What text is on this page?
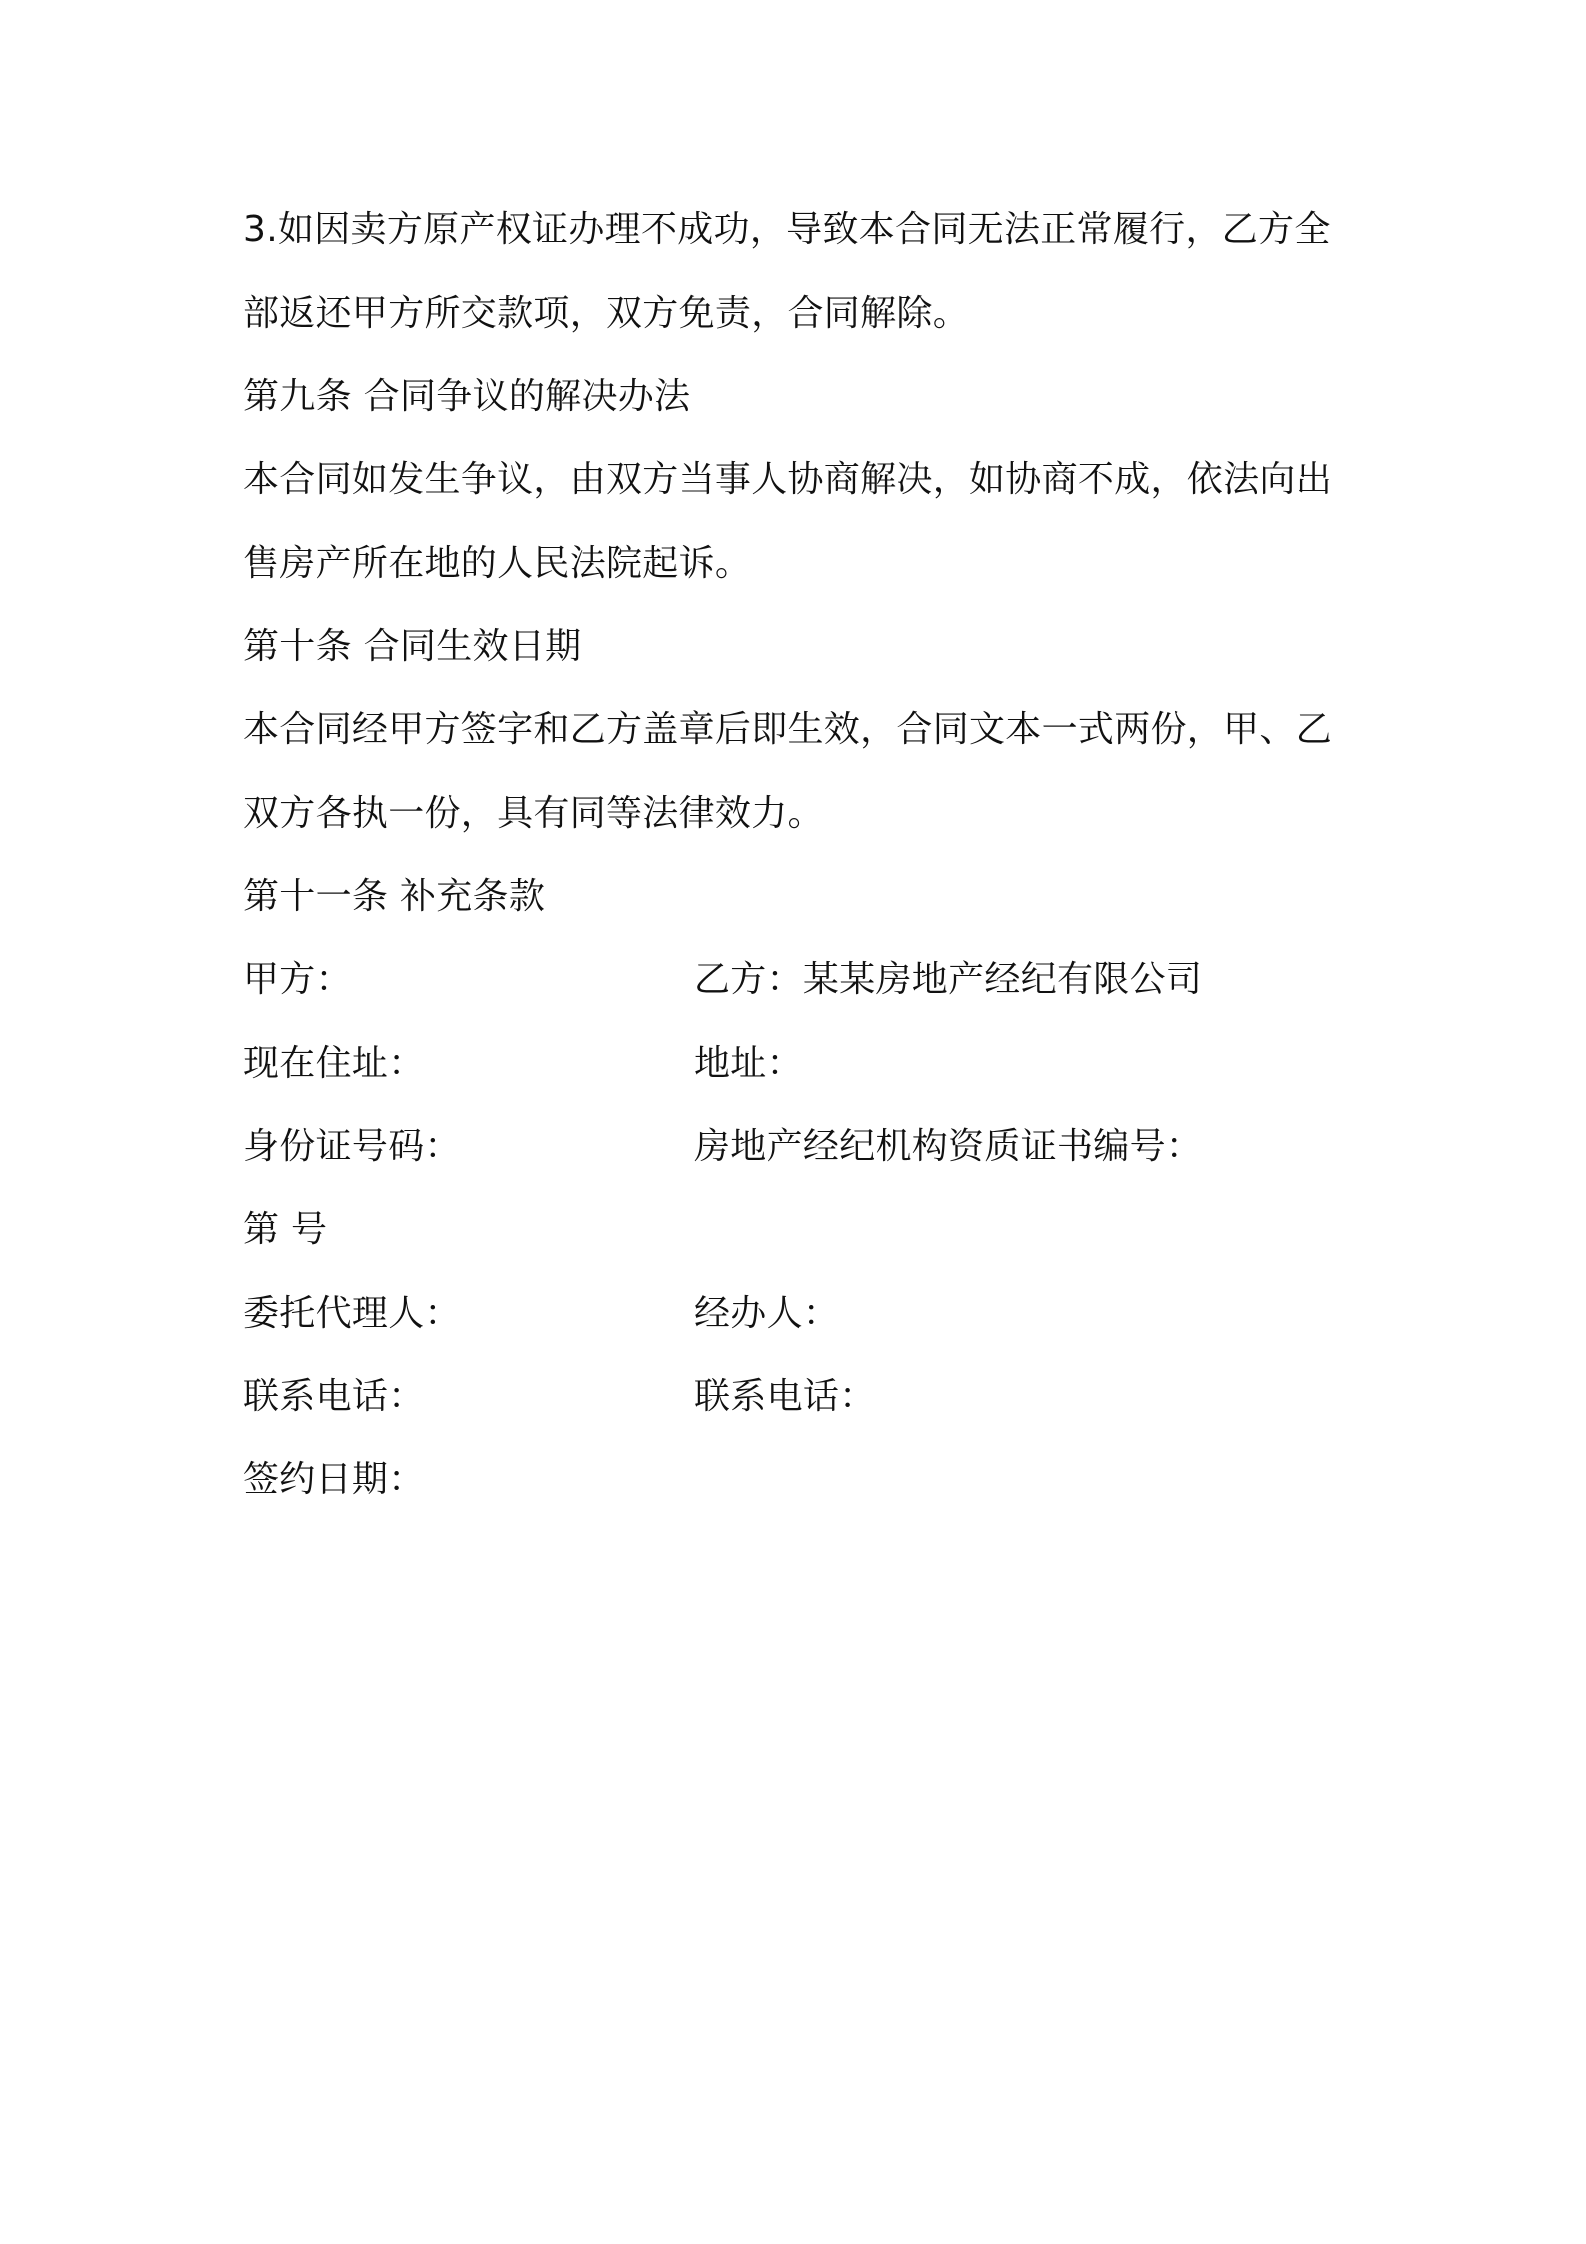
3.如因卖方原产权证办理不成功，导致本合同无法正常履行，乙方全
部返还甲方所交款项，双方免责，合同解除。
第九条 合同争议的解决办法
本合同如发生争议，由双方当事人协商解决，如协商不成，依法向出
售房产所在地的人民法院起诉。
第十条 合同生效日期
本合同经甲方签字和乙方盖章后即生效，合同文本一式两份，甲、乙
双方各执一份，具有同等法律效力。
第十一条 补充条款
甲方：	乙方：某某房地产经纪有限公司
现在住址：	地址：
身份证号码：	房地产经纪机构资质证书编号：
第 号
委托代理人：	经办人：
联系电话：	联系电话：
签约日期：
